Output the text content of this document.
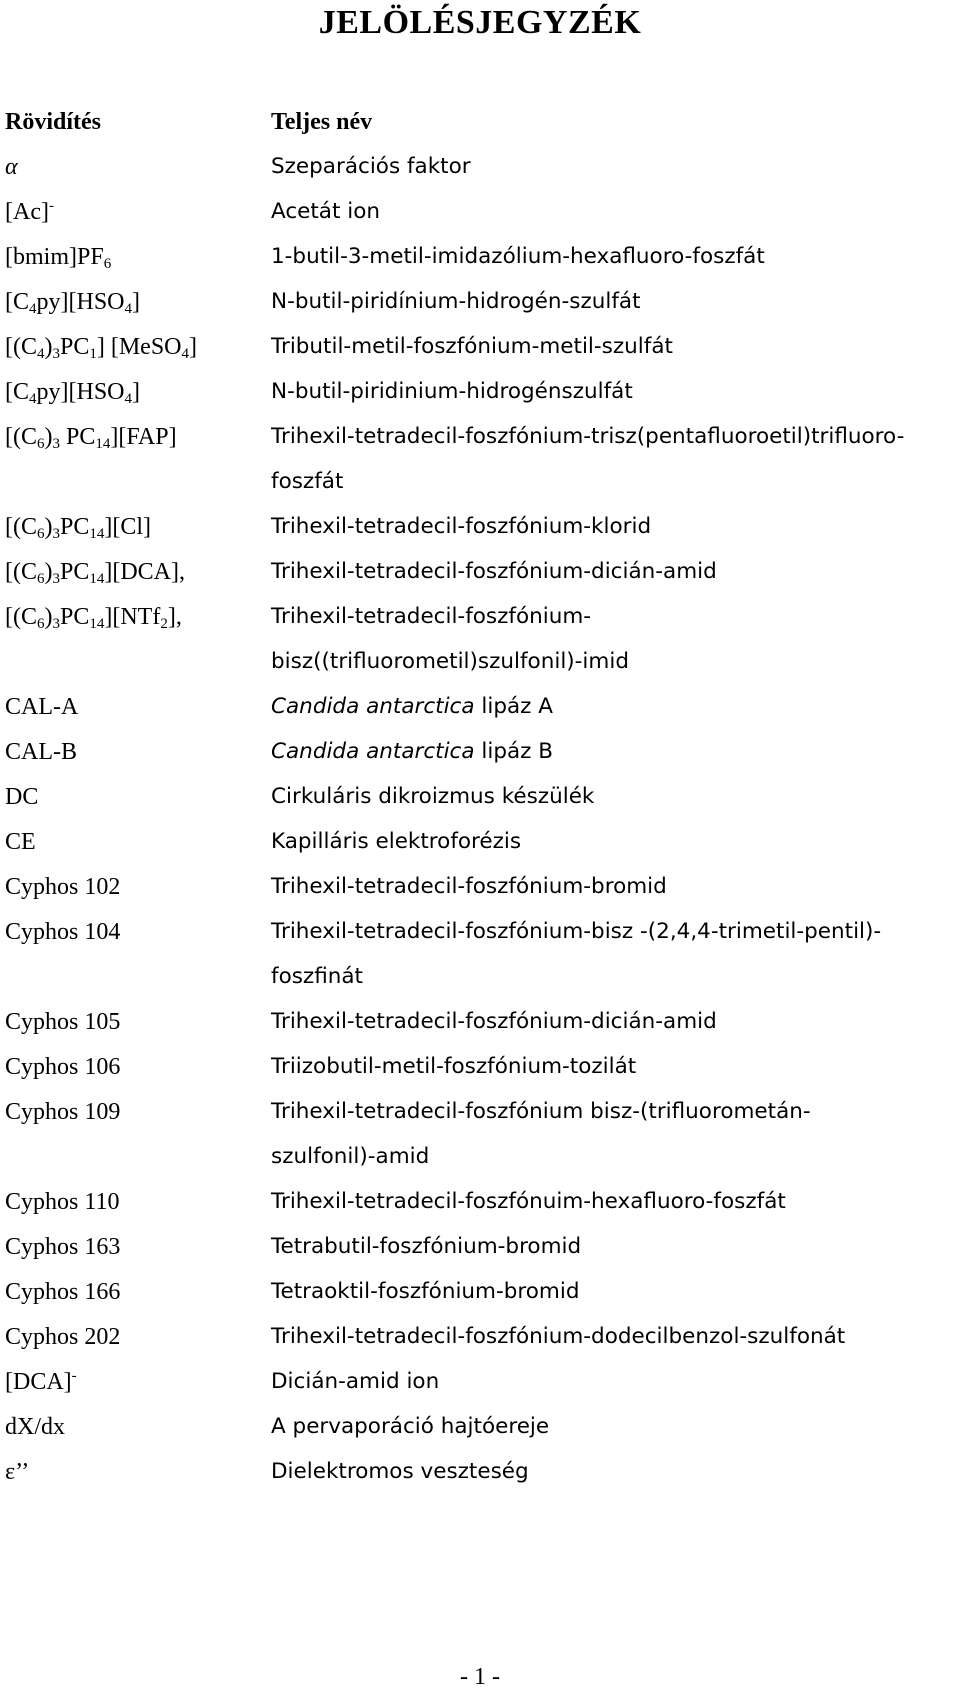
JELÖLÉSJEGYZÉK
Rövidítés	Teljes név
α	Szeparációs faktor
[Ac]-	Acetát ion
$[bmim]PF_6$	1-butil-3-metil-imidazólium-hexafluoro-foszfát
$[C_4py][HSO_4]$	N-butil-piridínium-hidrogén-szulfát
$[(C_4)_3PC_1]$ [MeSO$_4$]	Tributil-metil-foszfónium-metil-szulfát
$[C_4py][HSO_4]$	N-butil-piridinium-hidrogénszulfát
[$(C_6)_3$ $PC_{14}][FAP]$	Trihexil-tetradecil-foszfónium-trisz(pentafluoroetil)trifluoro-
foszfát
$[(C_6)_3PC_{14}][Cl]$	Trihexil-tetradecil-foszfónium-klorid
$[(C_6)_3PC_{14}][DCA]$,	Trihexil-tetradecil-foszfónium-dicián-amid
$[(C_6)_3PC_{14}][NTf_2]$,	Trihexil-tetradecil-foszfónium-
bisz((trifluorometil)szulfonil)-imid
CAL-A	Candida antarctica lipáz A
CAL-B	Candida antarctica lipáz B
DC	Cirkuláris dikroizmus készülék
CE	Kapilláris elektroforézis
Cyphos 102	Trihexil-tetradecil-foszfónium-bromid
Cyphos 104	Trihexil-tetradecil-foszfónium-bisz -(2,4,4-trimetil-pentil)-
foszfinát
Cyphos 105	Trihexil-tetradecil-foszfónium-dicián-amid
Cyphos 106	Triizobutil-metil-foszfónium-tozilát
Cyphos 109	Trihexil-tetradecil-foszfónium bisz-(trifluorometán-
szulfonil)-amid
Cyphos 110	Trihexil-tetradecil-foszfónuim-hexafluoro-foszfát
Cyphos 163	Tetrabutil-foszfónium-bromid
Cyphos 166	Tetraoktil-foszfónium-bromid
Cyphos 202	Trihexil-tetradecil-foszfónium-dodecilbenzol-szulfonát
[DCA]-	Dicián-amid ion
dX/dx	A pervaporáció hajtóereje
ε’’	Dielektromos veszteség
- 1 -
